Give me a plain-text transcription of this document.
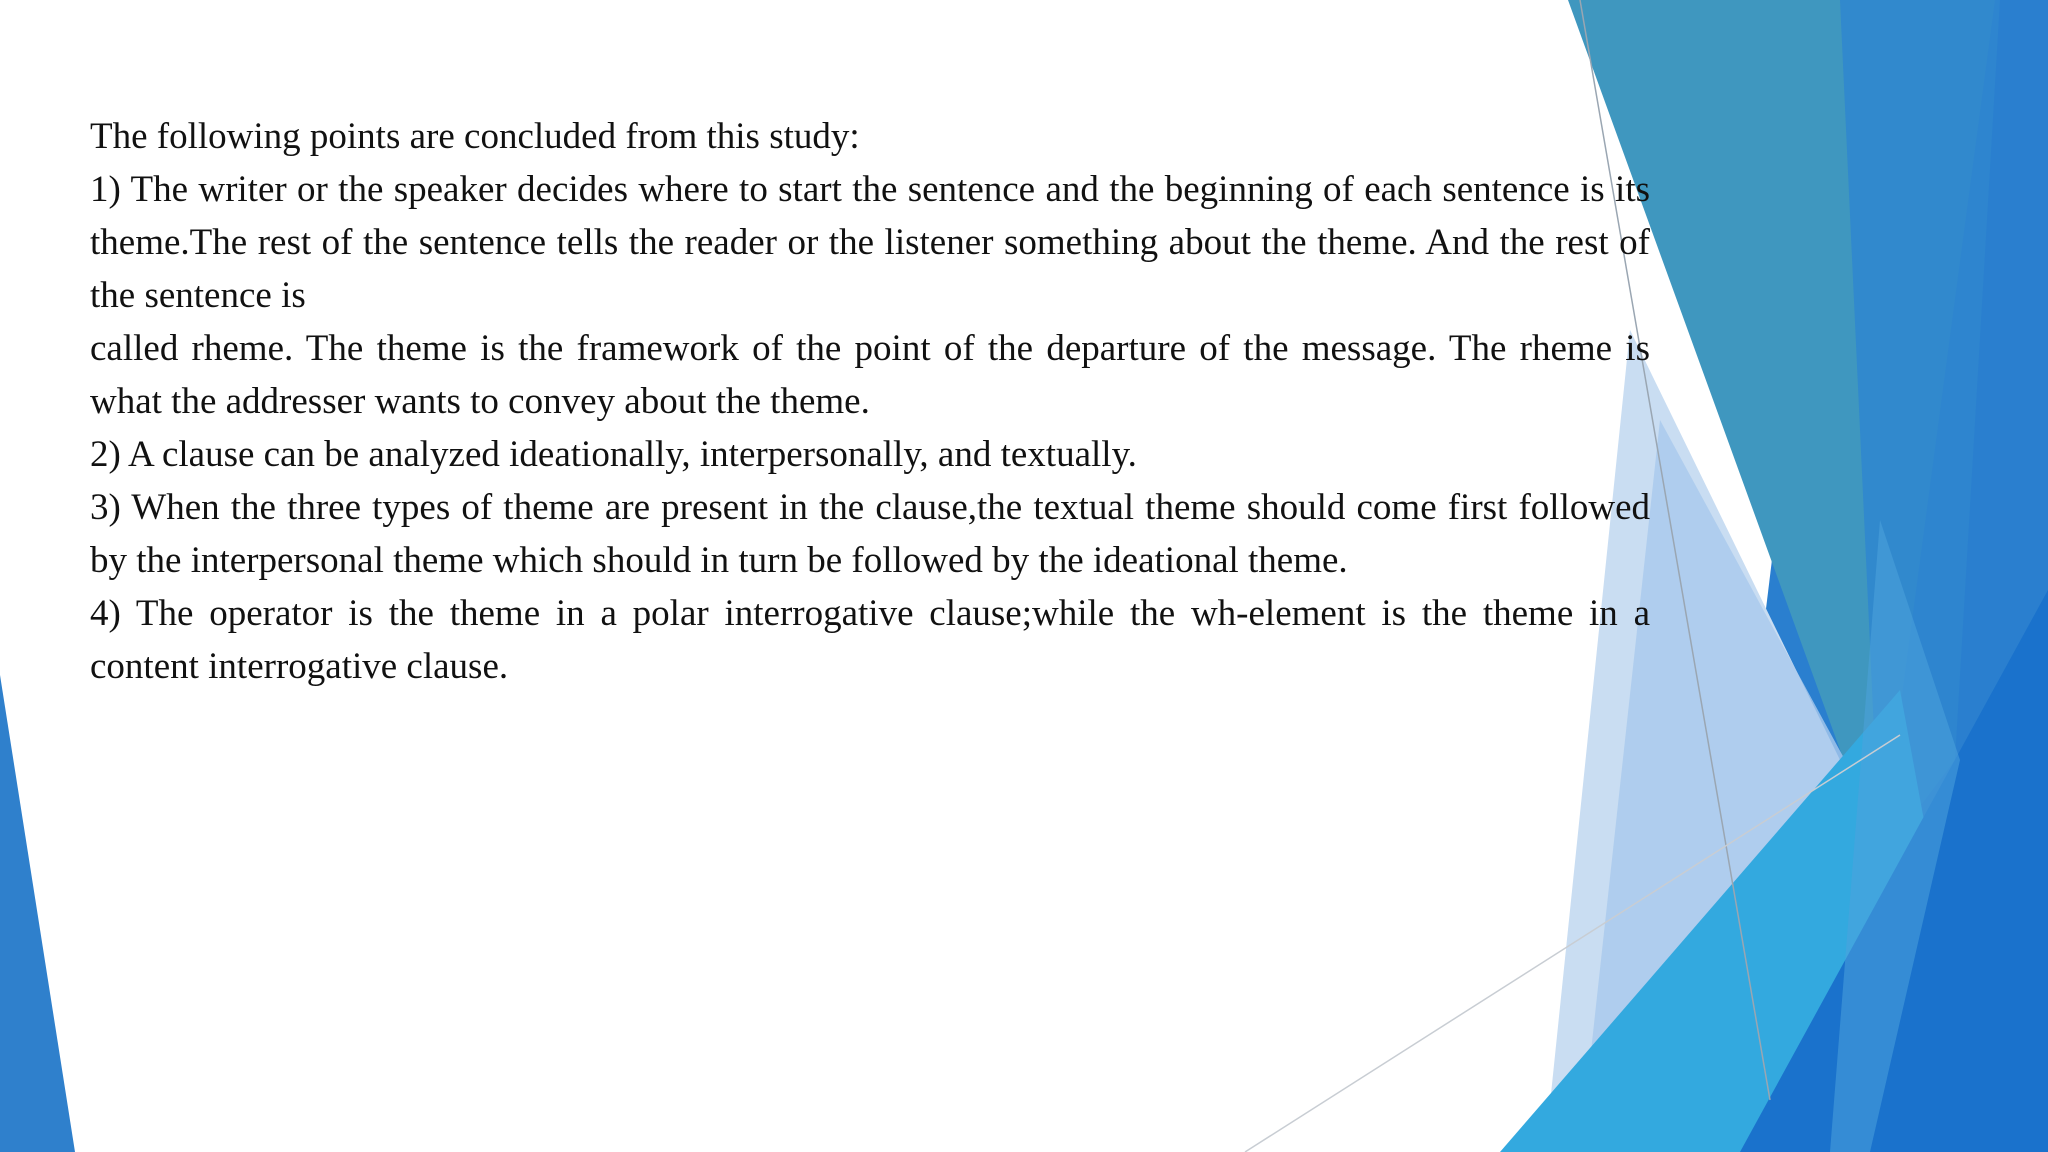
The following points are concluded from this study:

1) The writer or the speaker decides where to start the sentence and the beginning of each sentence is its theme.The rest of the sentence tells the reader or the listener something about the theme. And the rest of the sentence is

called rheme. The theme is the framework of the point of the departure of the message. The rheme is what the addresser wants to convey about the theme.

2) A clause can be analyzed ideationally, interpersonally, and textually.

3) When the three types of theme are present in the clause,the textual theme should come first followed by the interpersonal theme which should in turn be followed by the ideational theme.

4) The operator is the theme in a polar interrogative clause;while the wh-element is the theme in a content interrogative clause.
